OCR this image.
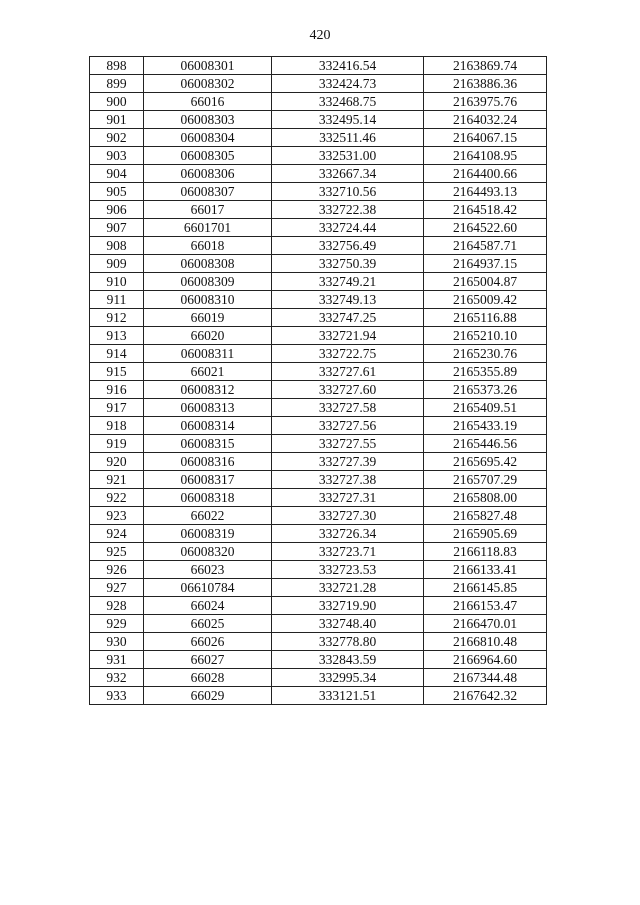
420
898	06008301	332416.54	2163869.74
899	06008302	332424.73	2163886.36
900	66016	332468.75	2163975.76
901	06008303	332495.14	2164032.24
902	06008304	332511.46	2164067.15
903	06008305	332531.00	2164108.95
904	06008306	332667.34	2164400.66
905	06008307	332710.56	2164493.13
906	66017	332722.38	2164518.42
907	6601701	332724.44	2164522.60
908	66018	332756.49	2164587.71
909	06008308	332750.39	2164937.15
910	06008309	332749.21	2165004.87
911	06008310	332749.13	2165009.42
912	66019	332747.25	2165116.88
913	66020	332721.94	2165210.10
914	06008311	332722.75	2165230.76
915	66021	332727.61	2165355.89
916	06008312	332727.60	2165373.26
917	06008313	332727.58	2165409.51
918	06008314	332727.56	2165433.19
919	06008315	332727.55	2165446.56
920	06008316	332727.39	2165695.42
921	06008317	332727.38	2165707.29
922	06008318	332727.31	2165808.00
923	66022	332727.30	2165827.48
924	06008319	332726.34	2165905.69
925	06008320	332723.71	2166118.83
926	66023	332723.53	2166133.41
927	06610784	332721.28	2166145.85
928	66024	332719.90	2166153.47
929	66025	332748.40	2166470.01
930	66026	332778.80	2166810.48
931	66027	332843.59	2166964.60
932	66028	332995.34	2167344.48
933	66029	333121.51	2167642.32
